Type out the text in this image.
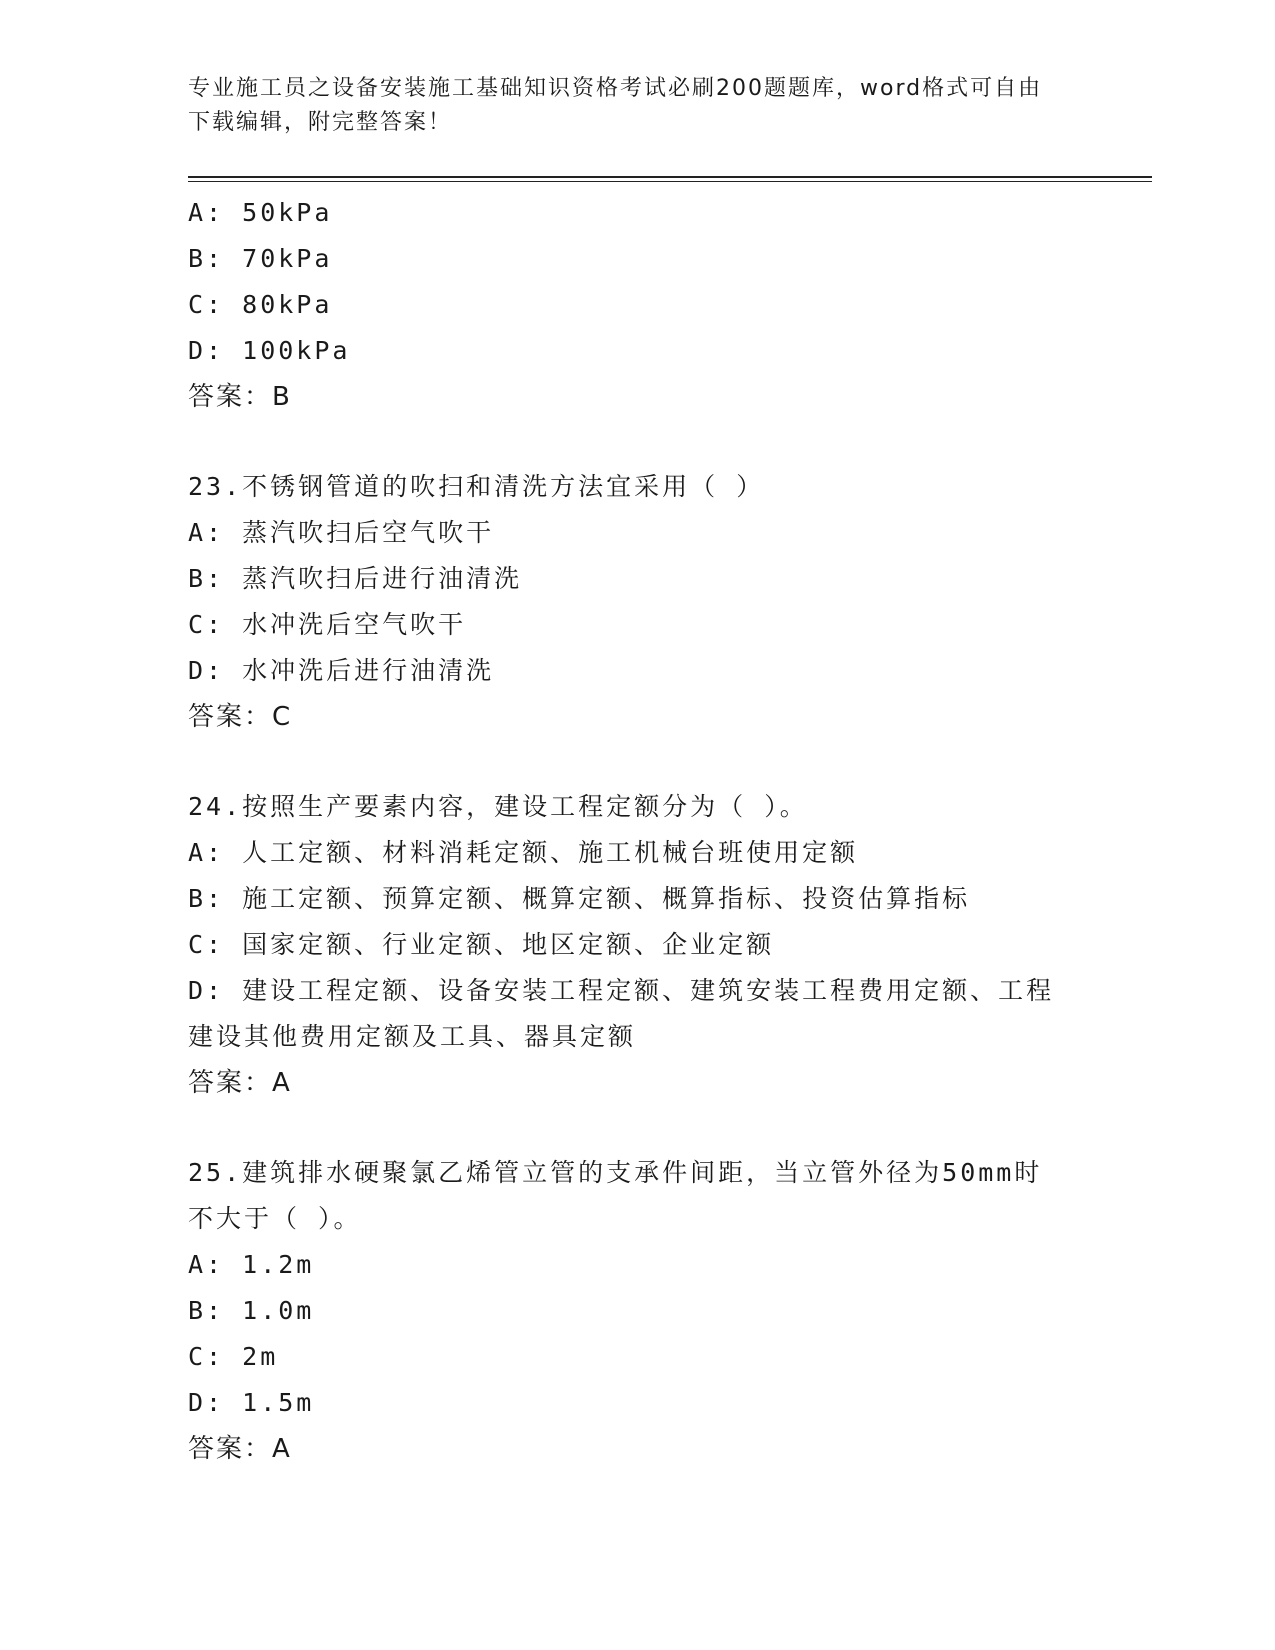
专业施工员之设备安装施工基础知识资格考试必刷200题题库，word格式可自由
下载编辑，附完整答案！
A: 50kPa
B: 70kPa
C: 80kPa
D: 100kPa
答案：B
23.不锈钢管道的吹扫和清洗方法宜采用（ ）
A: 蒸汽吹扫后空气吹干
B: 蒸汽吹扫后进行油清洗
C: 水冲洗后空气吹干
D: 水冲洗后进行油清洗
答案：C
24.按照生产要素内容，建设工程定额分为（ ）。
A: 人工定额、材料消耗定额、施工机械台班使用定额
B: 施工定额、预算定额、概算定额、概算指标、投资估算指标
C: 国家定额、行业定额、地区定额、企业定额
D: 建设工程定额、设备安装工程定额、建筑安装工程费用定额、工程
建设其他费用定额及工具、器具定额
答案：A
25.建筑排水硬聚氯乙烯管立管的支承件间距，当立管外径为50mm时
不大于（ ）。
A: 1.2m
B: 1.0m
C: 2m
D: 1.5m
答案：A
